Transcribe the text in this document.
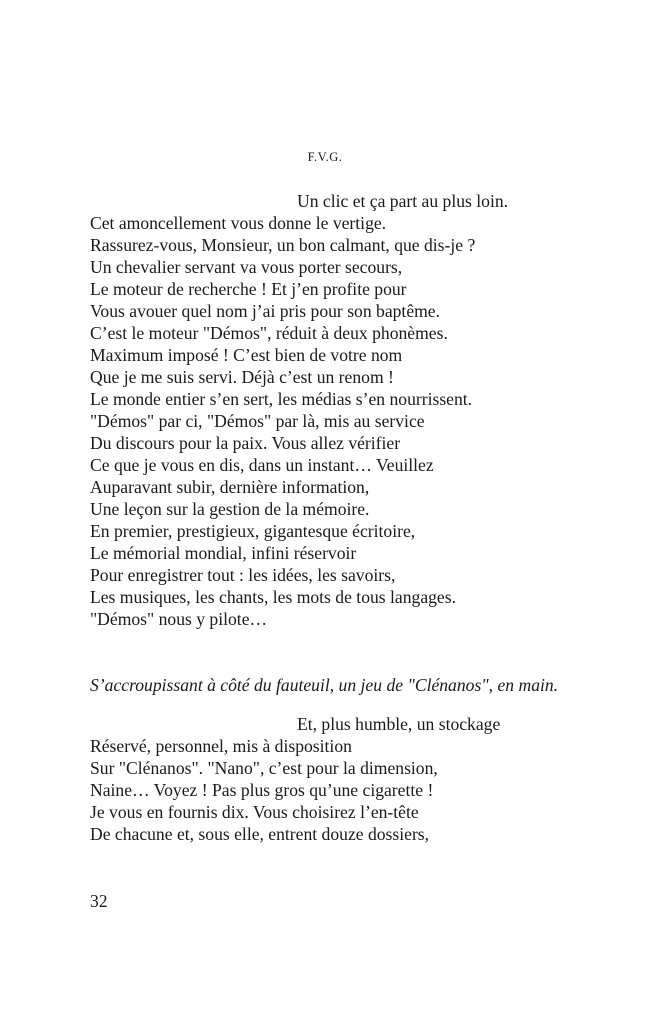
F.V.G.
Un clic et ça part au plus loin.
Cet amoncellement vous donne le vertige.
Rassurez-vous, Monsieur, un bon calmant, que dis-je ?
Un chevalier servant va vous porter secours,
Le moteur de recherche ! Et j’en profite pour
Vous avouer quel nom j’ai pris pour son baptême.
C’est le moteur "Démos", réduit à deux phonèmes.
Maximum imposé ! C’est bien de votre nom
Que je me suis servi. Déjà c’est un renom !
Le monde entier s’en sert, les médias s’en nourrissent.
"Démos" par ci, "Démos" par là, mis au service
Du discours pour la paix. Vous allez vérifier
Ce que je vous en dis, dans un instant… Veuillez
Auparavant subir, dernière information,
Une leçon sur la gestion de la mémoire.
En premier, prestigieux, gigantesque écritoire,
Le mémorial mondial, infini réservoir
Pour enregistrer tout : les idées, les savoirs,
Les musiques, les chants, les mots de tous langages.
"Démos" nous y pilote…
S’accroupissant à côté du fauteuil, un jeu de "Clénanos", en main.
Et, plus humble, un stockage
Réservé, personnel, mis à disposition
Sur "Clénanos". "Nano", c’est pour la dimension,
Naine… Voyez ! Pas plus gros qu’une cigarette !
Je vous en fournis dix. Vous choisirez l’en-tête
De chacune et, sous elle, entrent douze dossiers,
32
